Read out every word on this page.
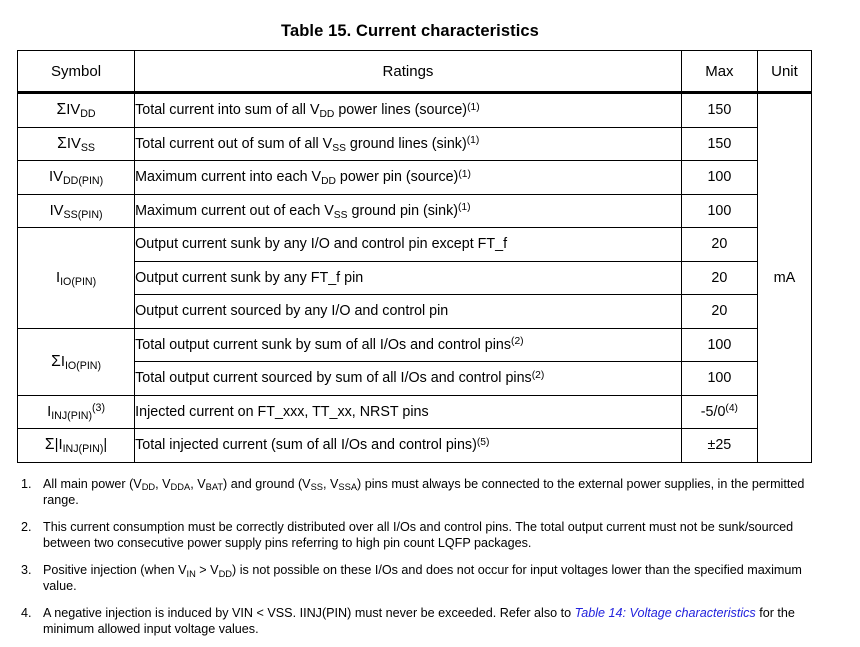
Table 15. Current characteristics
Symbol	Ratings	Max	Unit
$\Sigma IV_{DD}$	Total current into sum of all $V_{DD}$ power lines (source)$^{(1)}$	150	mA
$\Sigma IV_{SS}$	Total current out of sum of all $V_{SS}$ ground lines $(\sin k)^{(1)}$	150	
$IV_{DD(PIN)}$	Maximum current into each $V_{DD}$ power pin (source)$^{(1)}$	100	
$IV_{SS(PIN)}$	Maximum current out of each $V_{SS}$ ground pin $(\sin k)^{(1)}$	100	
$I_{IO(PIN)}$	Output current sunk by any I/O and control pin except FT_f	20	
	Output current sunk by any FT_f pin	20	
	Output current sourced by any I/O and control pin	20	
$\Sigma I_{IO(PIN)}$	Total output current sunk by sum of all I/Os and control pins$^{(2)}$	100	
	Total output current sourced by sum of all I/Os and control pins$^{(2)}$	100	
$I_{INJ(PIN)}^{(3)}$	Injected current on FT_xxx, TT_xx, NRST pins	-5/0$^{(4)}$
$\Sigma|I_{INJ(PIN)}|$	Total injected current (sum of all I/Os and control pins)$^{(5)}$	±25	
1. All main power ($V_{DD}$, $V_{DDA}$, $V_{BAT}$) and ground ($V_{SS}$, $V_{SSA}$) pins must always be connected to the external power supplies, in the permitted range.
2. This current consumption must be correctly distributed over all I/Os and control pins. The total output current must not be sunk/sourced between two consecutive power supply pins referring to high pin count LQFP packages.
3. Positive injection (when $V_{IN} > V_{DD}$) is not possible on these I/Os and does not occur for input voltages lower than the specified maximum value.
4. A negative injection is induced by VIN < VSS. IINJ(PIN) must never be exceeded. Refer also to Table 14: Voltage characteristics for the minimum allowed input voltage values.
